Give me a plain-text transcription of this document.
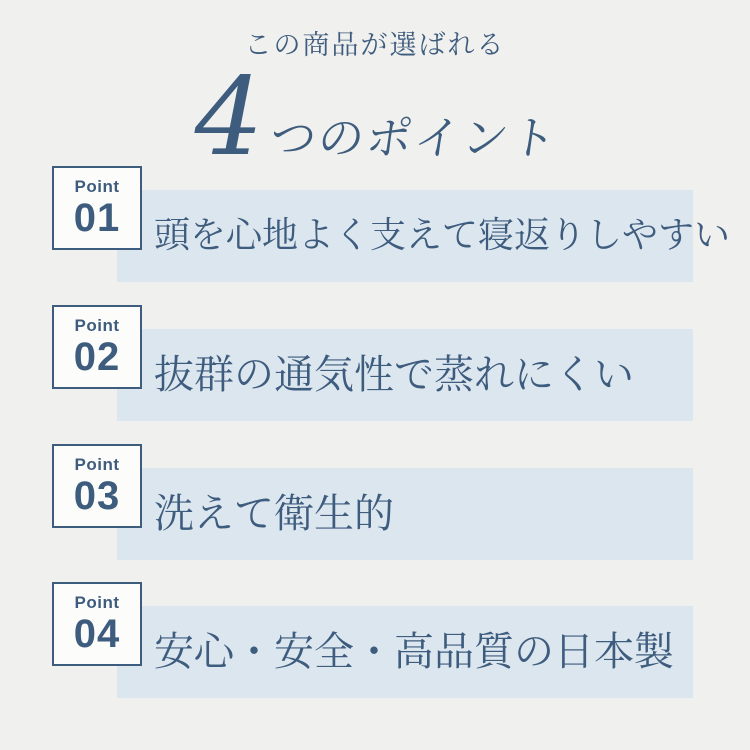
この商品が選ばれる
4 つのポイント
頭を心地よく支えて寝返りしやすい
Point
01
抜群の通気性で蒸れにくい
Point
02
洗えて衛生的
Point
03
安心・安全・高品質の日本製
Point
04
